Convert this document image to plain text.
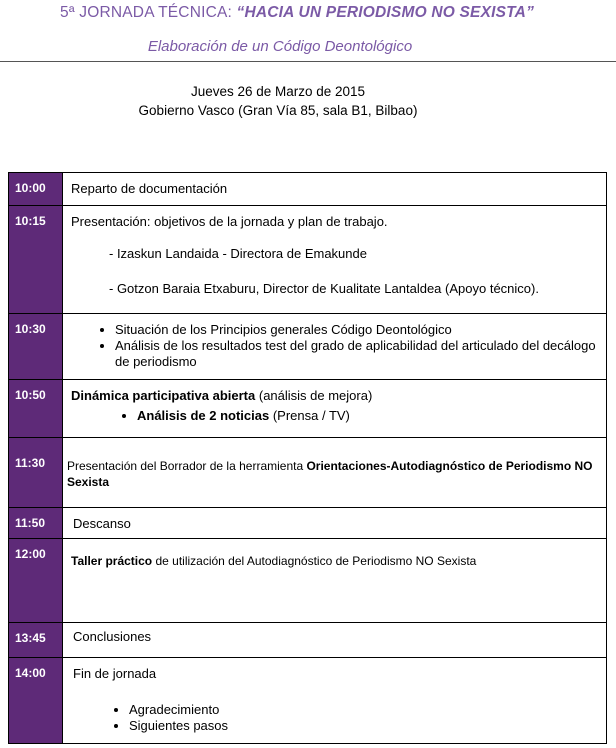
5ª JORNADA TÉCNICA: “HACIA UN PERIODISMO NO SEXISTA”
Elaboración de un Código Deontológico
Jueves 26 de Marzo de 2015
Gobierno Vasco (Gran Vía 85, sala B1, Bilbao)
10:00	Reparto de documentación
10:15	Presentación: objetivos de la jornada y plan de trabajo.
- Izaskun Landaida - Directora de Emakunde
- Gotzon Baraia Etxaburu, Director de Kualitate Lantaldea (Apoyo técnico).
10:30
•	Situación de los Principios generales Código Deontológico
• Análisis de los resultados test del grado de aplicabilidad del articulado del decálogo de periodismo
10:50	Dinámica participativa abierta (análisis de mejora)
• Análisis de 2 noticias (Prensa / TV)
11:30	Presentación del Borrador de la herramienta Orientaciones-Autodiagnóstico de Periodismo NO Sexista
11:50	Descanso
12:00	Taller práctico de utilización del Autodiagnóstico de Periodismo NO Sexista
13:45	Conclusiones
14:00	Fin de jornada
• Agradecimiento
• Siguientes pasos
